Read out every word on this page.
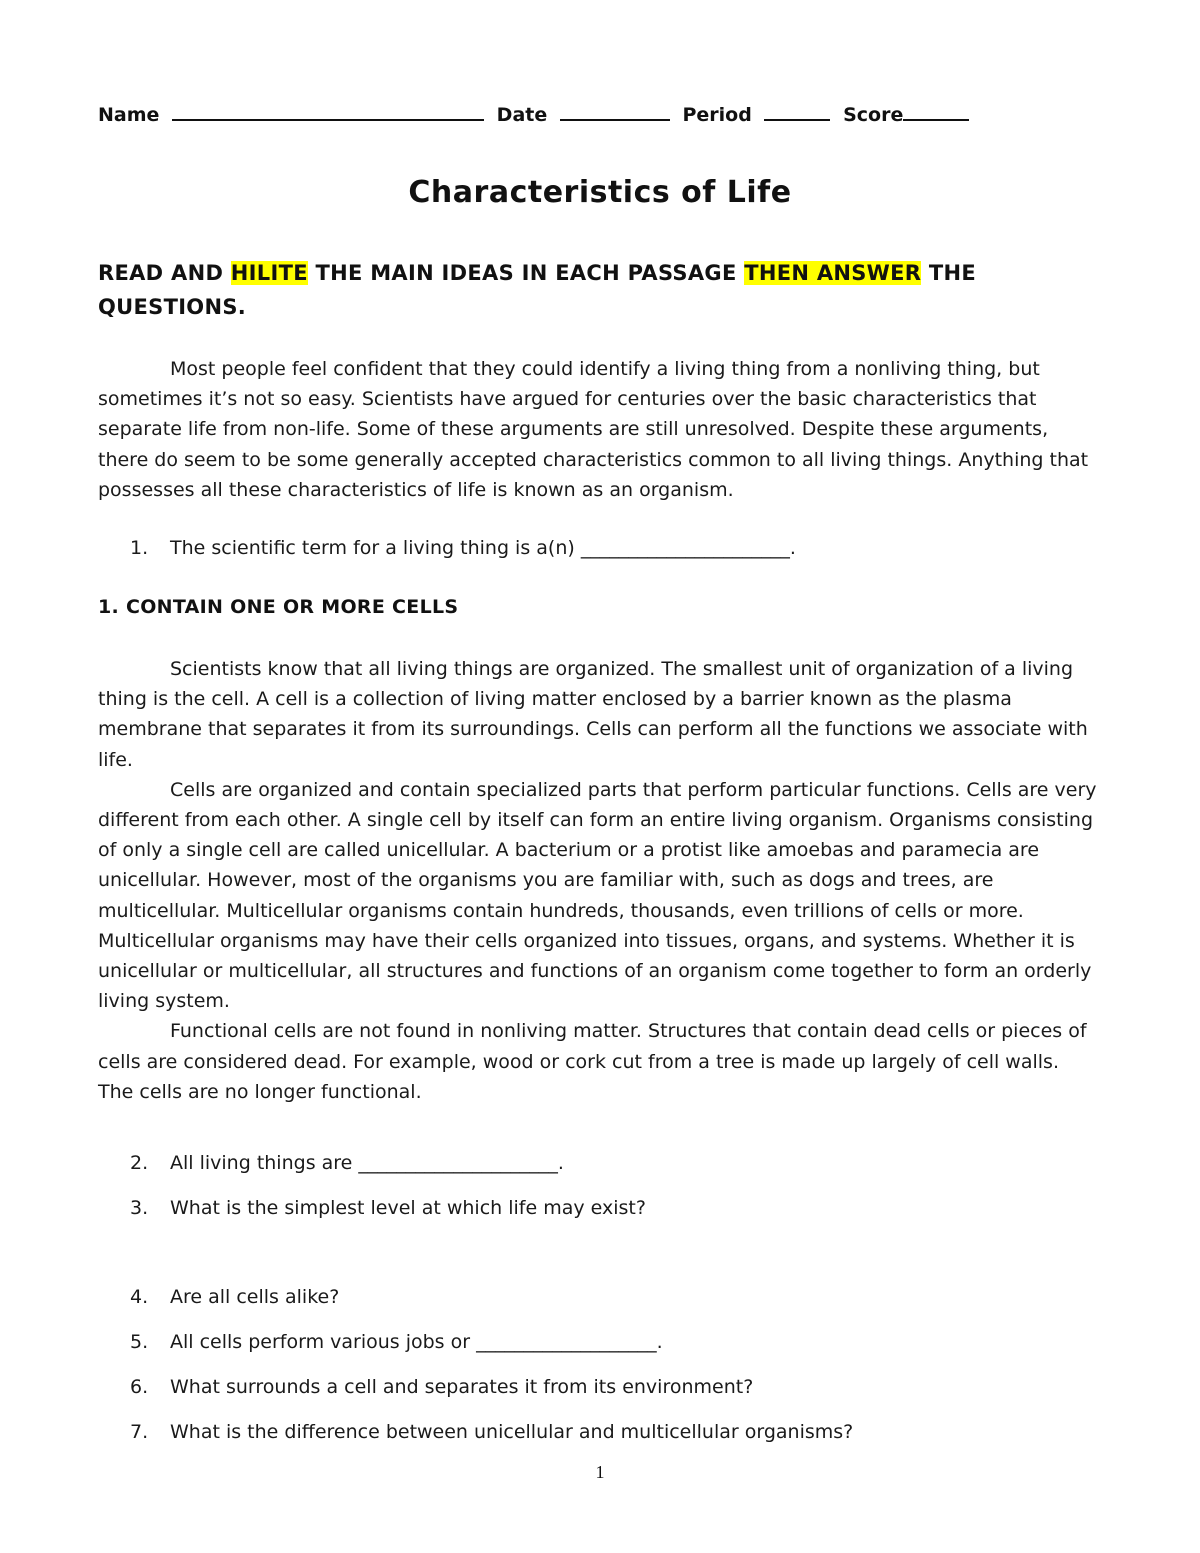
Name	Date	Period	Score
Characteristics of Life
READ AND HILITE THE MAIN IDEAS IN EACH PASSAGE THEN ANSWER THE QUESTIONS.

Most people feel confident that they could identify a living thing from a nonliving thing, but sometimes it’s not so easy. Scientists have argued for centuries over the basic characteristics that separate life from non-life. Some of these arguments are still unresolved. Despite these arguments, there do seem to be some generally accepted characteristics common to all living things. Anything that possesses all these characteristics of life is known as an organism.

1. The scientific term for a living thing is a(n) ______________________.
1. CONTAIN ONE OR MORE CELLS

Scientists know that all living things are organized. The smallest unit of organization of a living thing is the cell. A cell is a collection of living matter enclosed by a barrier known as the plasma membrane that separates it from its surroundings. Cells can perform all the functions we associate with life.

Cells are organized and contain specialized parts that perform particular functions. Cells are very different from each other. A single cell by itself can form an entire living organism. Organisms consisting of only a single cell are called unicellular. A bacterium or a protist like amoebas and paramecia are unicellular. However, most of the organisms you are familiar with, such as dogs and trees, are multicellular. Multicellular organisms contain hundreds, thousands, even trillions of cells or more. Multicellular organisms may have their cells organized into tissues, organs, and systems. Whether it is unicellular or multicellular, all structures and functions of an organism come together to form an orderly living system.

Functional cells are not found in nonliving matter. Structures that contain dead cells or pieces of cells are considered dead. For example, wood or cork cut from a tree is made up largely of cell walls. The cells are no longer functional.

2. All living things are _____________________.
3. What is the simplest level at which life may exist?
4. Are all cells alike?
5. All cells perform various jobs or ___________________.
6. What surrounds a cell and separates it from its environment?
7. What is the difference between unicellular and multicellular organisms?
1
